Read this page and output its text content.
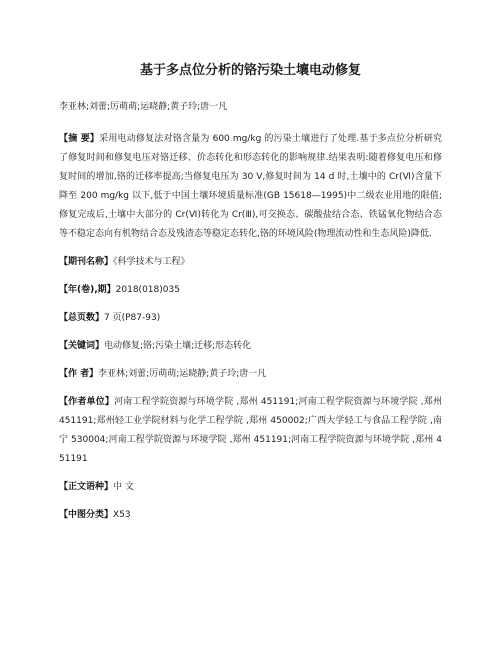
基于多点位分析的铬污染土壤电动修复
李亚林;刘蕾;厉萌萌;运晓静;黄子玲;唐一凡
【摘 要】采用电动修复法对铬含量为 600 mg/kg 的污染土壤进行了处理.基于多点位分析研究了修复时间和修复电压对铬迁移、价态转化和形态转化的影响规律.结果表明:随着修复电压和修复时间的增加,铬的迁移率提高;当修复电压为 30 V,修复时间为 14 d 时,土壤中的 Cr(Ⅵ)含量下降至 200 mg/kg 以下,低于中国土壤环境质量标准(GB 15618—1995)中二级农业用地的限值;修复完成后,土壤中大部分的 Cr(Ⅵ)转化为 Cr(Ⅲ),可交换态、碳酸盐结合态、铁锰氧化物结合态等不稳定态向有机物结合态及残渣态等稳定态转化,铬的环境风险(物理流动性和生态风险)降低.
【期刊名称】《科学技术与工程》
【年(卷),期】2018(018)035
【总页数】7 页(P87-93)
【关键词】电动修复;铬;污染土壤;迁移;形态转化
【作 者】李亚林;刘蕾;厉萌萌;运晓静;黄子玲;唐一凡
【作者单位】河南工程学院资源与环境学院 ,郑州 451191;河南工程学院资源与环境学院 ,郑州 451191;郑州轻工业学院材料与化学工程学院 ,郑州 450002;广西大学轻工与食品工程学院 ,南宁 530004;河南工程学院资源与环境学院 ,郑州 451191;河南工程学院资源与环境学院 ,郑州 451191
【正文语种】中 文
【中图分类】X53
